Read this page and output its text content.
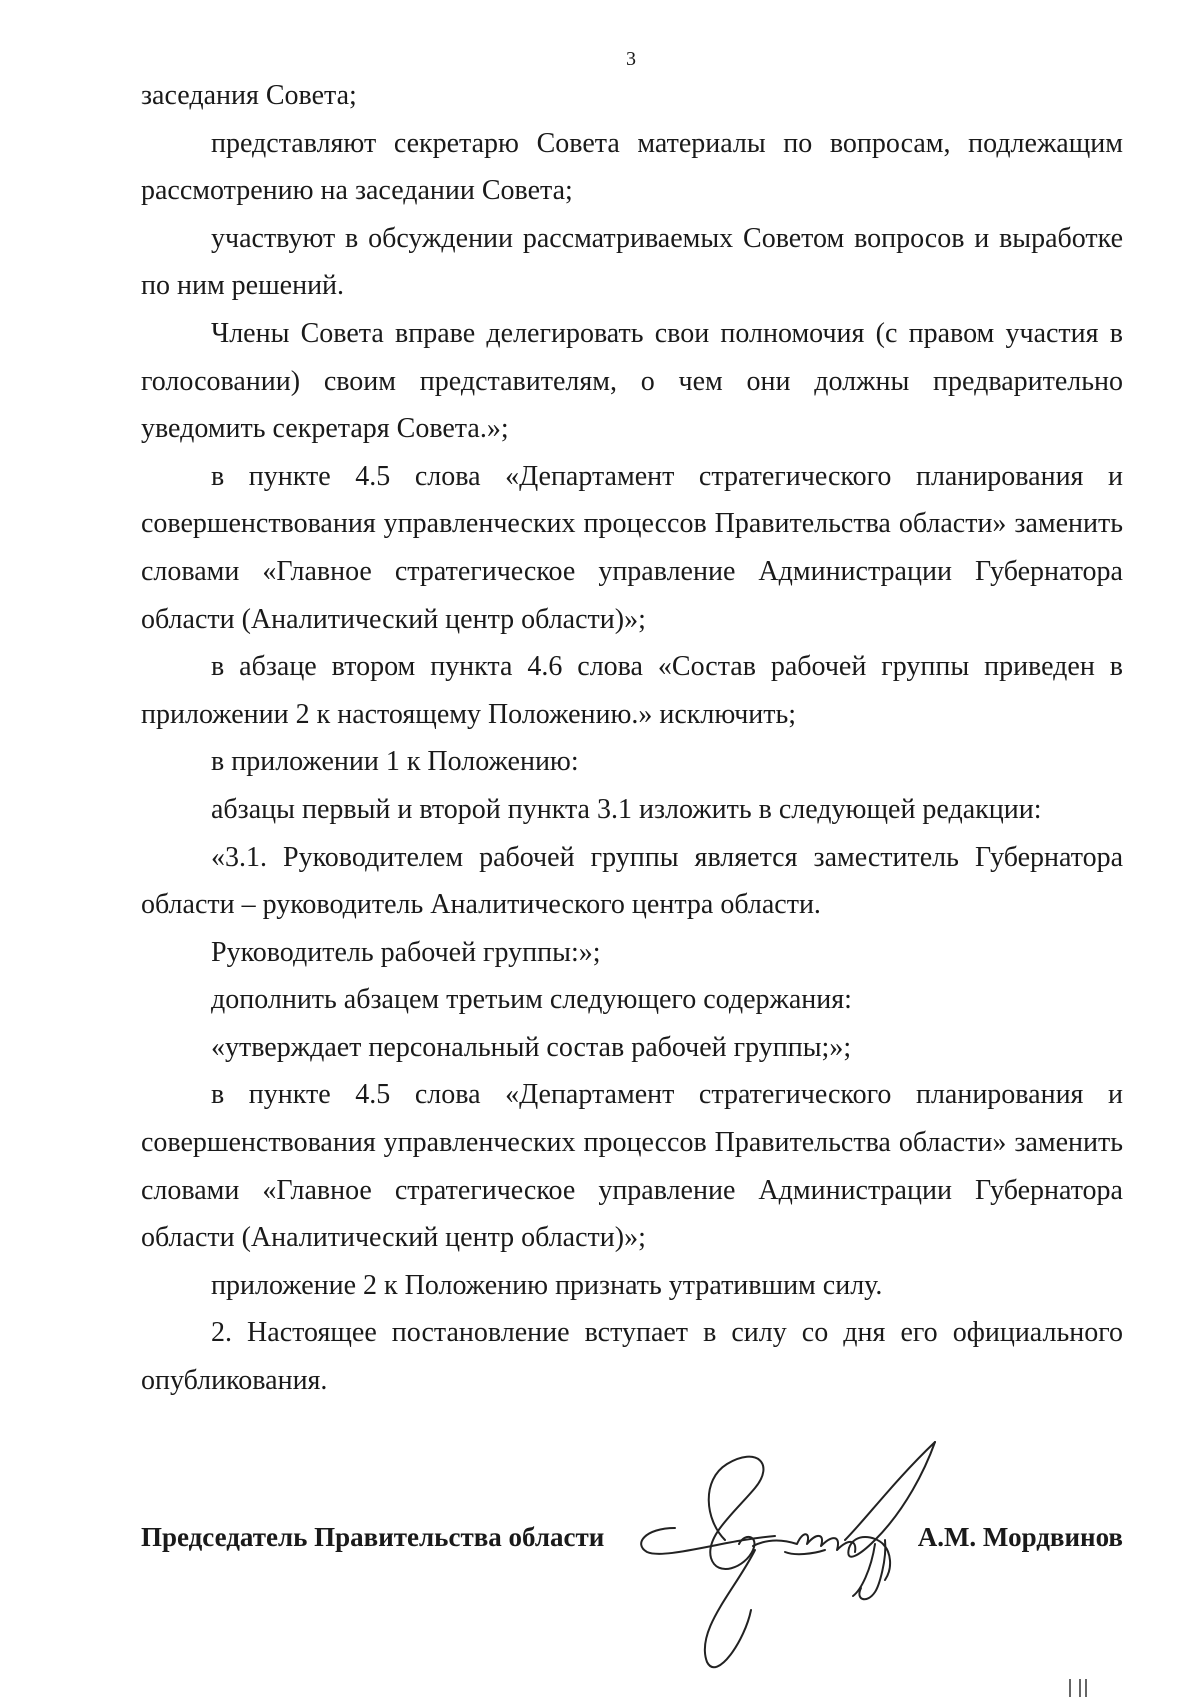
3

заседания Совета;

представляют секретарю Совета материалы по вопросам, подлежащим рассмотрению на заседании Совета;

участвуют в обсуждении рассматриваемых Советом вопросов и выработке по ним решений.

Члены Совета вправе делегировать свои полномочия (с правом участия в голосовании) своим представителям, о чем они должны предварительно уведомить секретаря Совета.»;

в пункте 4.5 слова «Департамент стратегического планирования и совершенствования управленческих процессов Правительства области» заменить словами «Главное стратегическое управление Администрации Губернатора области (Аналитический центр области)»;

в абзаце втором пункта 4.6 слова «Состав рабочей группы приведен в приложении 2 к настоящему Положению.» исключить;

в приложении 1 к Положению:

абзацы первый и второй пункта 3.1 изложить в следующей редакции:

«3.1. Руководителем рабочей группы является заместитель Губернатора области – руководитель Аналитического центра области.

Руководитель рабочей группы:»;

дополнить абзацем третьим следующего содержания:

«утверждает персональный состав рабочей группы;»;

в пункте 4.5 слова «Департамент стратегического планирования и совершенствования управленческих процессов Правительства области» заменить словами «Главное стратегическое управление Администрации Губернатора области (Аналитический центр области)»;

приложение 2 к Положению признать утратившим силу.

2. Настоящее постановление вступает в силу со дня его официального опубликования.

Председатель Правительства области	А.М. Мордвинов
